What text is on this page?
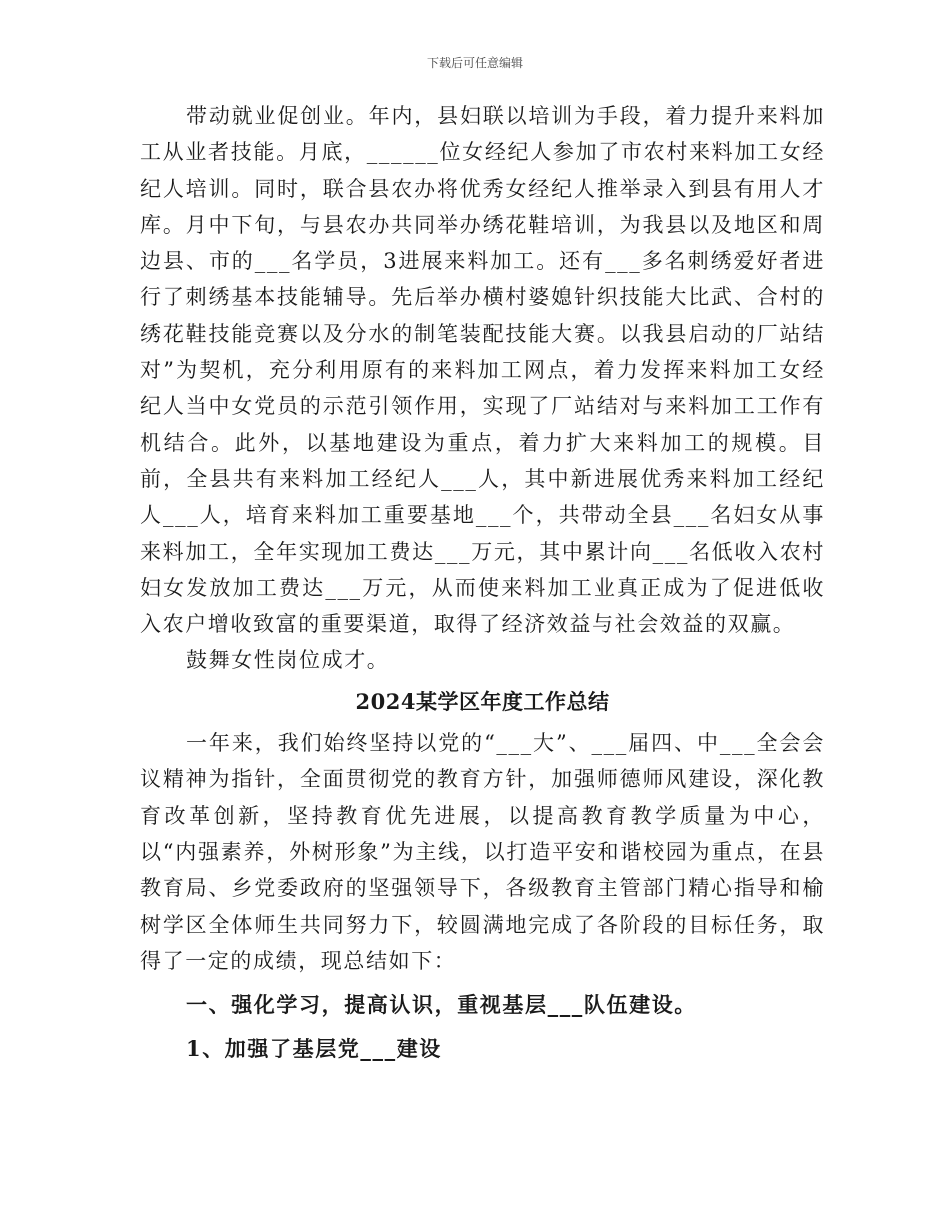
下载后可任意编辑

带动就业促创业。年内，县妇联以培训为手段，着力提升来料加工从业者技能。月底，______位女经纪人参加了市农村来料加工女经纪人培训。同时，联合县农办将优秀女经纪人推举录入到县有用人才库。月中下旬，与县农办共同举办绣花鞋培训，为我县以及地区和周边县、市的___名学员，3进展来料加工。还有___多名刺绣爱好者进行了刺绣基本技能辅导。先后举办横村婆媳针织技能大比武、合村的绣花鞋技能竞赛以及分水的制笔装配技能大赛。以我县启动的厂站结对”为契机，充分利用原有的来料加工网点，着力发挥来料加工女经纪人当中女党员的示范引领作用，实现了厂站结对与来料加工工作有机结合。此外，以基地建设为重点，着力扩大来料加工的规模。目前，全县共有来料加工经纪人___人，其中新进展优秀来料加工经纪人___人，培育来料加工重要基地___个，共带动全县___名妇女从事来料加工，全年实现加工费达___万元，其中累计向___名低收入农村妇女发放加工费达___万元，从而使来料加工业真正成为了促进低收入农户增收致富的重要渠道，取得了经济效益与社会效益的双赢。

鼓舞女性岗位成才。

2024某学区年度工作总结

一年来，我们始终坚持以党的“___大”、___届四、中___全会会议精神为指针，全面贯彻党的教育方针，加强师德师风建设，深化教育改革创新，坚持教育优先进展，以提高教育教学质量为中心，以“内强素养，外树形象”为主线，以打造平安和谐校园为重点，在县教育局、乡党委政府的坚强领导下，各级教育主管部门精心指导和榆树学区全体师生共同努力下，较圆满地完成了各阶段的目标任务，取得了一定的成绩，现总结如下：

一、强化学习，提高认识，重视基层___队伍建设。

1、加强了基层党___建设
